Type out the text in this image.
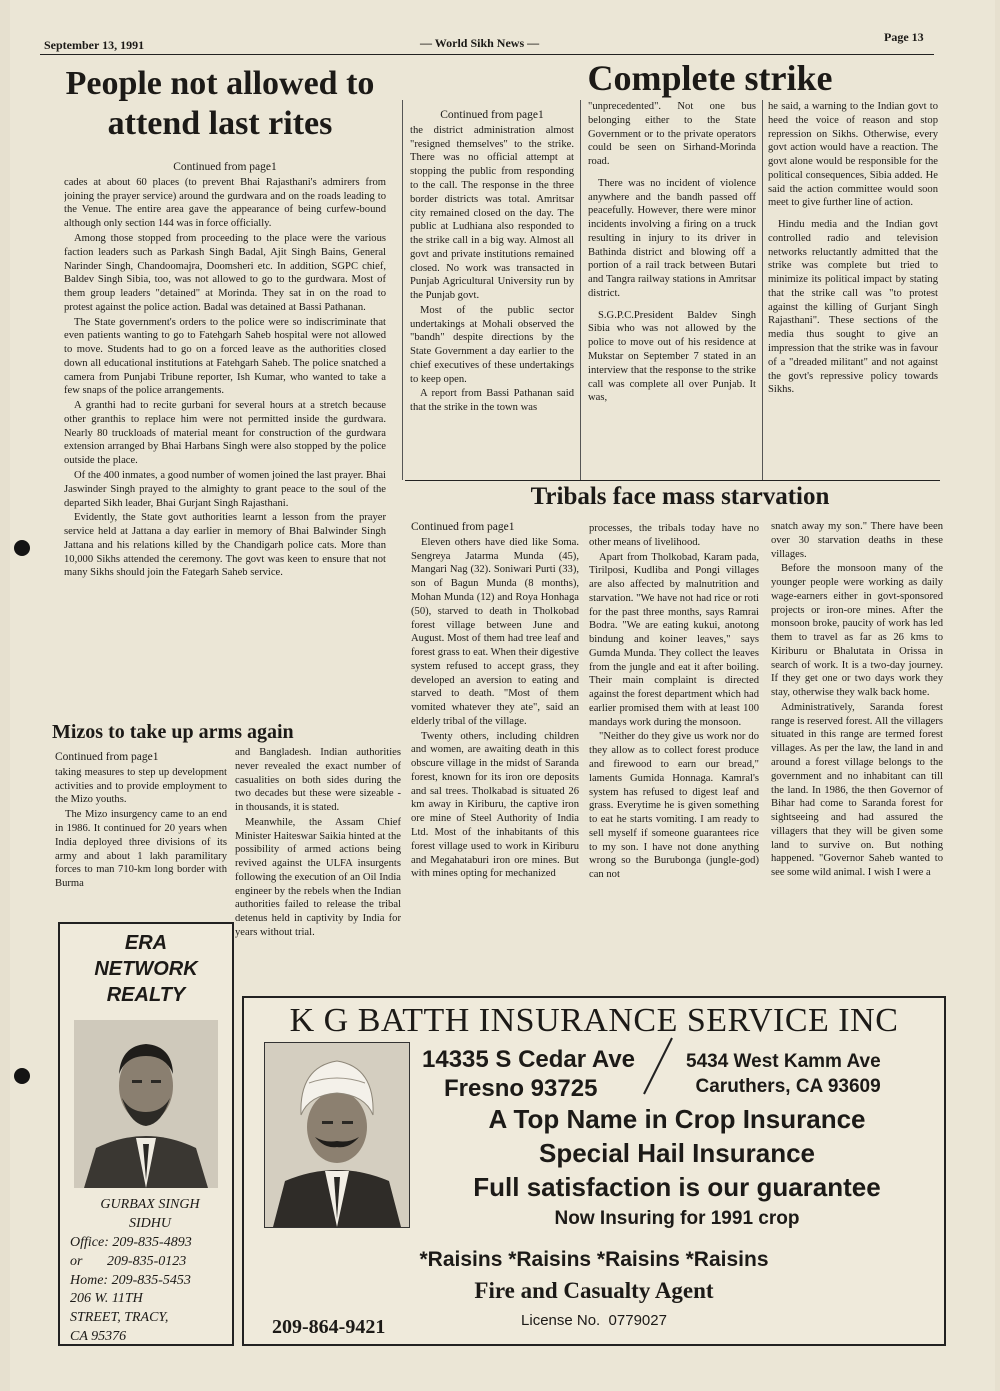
September 13, 1991	— World Sikh News —	Page 13
People not allowed to
attend last rites
Complete strike
Continued from page1

cades at about 60 places (to prevent Bhai Rajasthani's admirers from joining the prayer service) around the gurdwara and on the roads leading to the Venue. The entire area gave the appearance of being curfew-bound although only section 144 was in force officially.

Among those stopped from proceeding to the place were the various faction leaders such as Parkash Singh Badal, Ajit Singh Bains, General Narinder Singh, Chandoomajra, Doomsheri etc. In addition, SGPC chief, Baldev Singh Sibia, too, was not allowed to go to the gurdwara. Most of them group leaders "detained" at Morinda. They sat in on the road to protest against the police action. Badal was detained at Bassi Pathanan.

The State government's orders to the police were so indiscriminate that even patients wanting to go to Fatehgarh Saheb hospital were not allowed to move. Students had to go on a forced leave as the authorities closed down all educational institutions at Fatehgarh Saheb. The police snatched a camera from Punjabi Tribune reporter, Ish Kumar, who wanted to take a few snaps of the police arrangements.

A granthi had to recite gurbani for several hours at a stretch because other granthis to replace him were not permitted inside the gurdwara. Nearly 80 truckloads of material meant for construction of the gurdwara extension arranged by Bhai Harbans Singh were also stopped by the police outside the place.

Of the 400 inmates, a good number of women joined the last prayer. Bhai Jaswinder Singh prayed to the almighty to grant peace to the soul of the departed Sikh leader, Bhai Gurjant Singh Rajasthani.

Evidently, the State govt authorities learnt a lesson from the prayer service held at Jattana a day earlier in memory of Bhai Balwinder Singh Jattana and his relations killed by the Chandigarh police cats. More than 10,000 Sikhs attended the ceremony. The govt was keen to ensure that not many Sikhs should join the Fategarh Saheb service.

Continued from page1

the district administration almost "resigned themselves" to the strike. There was no official attempt at stopping the public from responding to the call. The response in the three border districts was total. Amritsar city remained closed on the day. The public at Ludhiana also responded to the strike call in a big way. Almost all govt and private institutions remained closed. No work was transacted in Punjab Agricultural University run by the Punjab govt.

Most of the public sector undertakings at Mohali observed the "bandh" despite directions by the State Government a day earlier to the chief executives of these undertakings to keep open.

A report from Bassi Pathanan said that the strike in the town was

"unprecedented". Not one bus belonging either to the State Government or to the private operators could be seen on Sirhand-Morinda road.

There was no incident of violence anywhere and the bandh passed off peacefully. However, there were minor incidents involving a firing on a truck resulting in injury to its driver in Bathinda district and blowing off a portion of a rail track between Butari and Tangra railway stations in Amritsar district.

S.G.P.C.President Baldev Singh Sibia who was not allowed by the police to move out of his residence at Mukstar on September 7 stated in an interview that the response to the strike call was complete all over Punjab. It was,

he said, a warning to the Indian govt to heed the voice of reason and stop repression on Sikhs. Otherwise, every govt action would have a reaction. The govt alone would be responsible for the political consequences, Sibia added. He said the action committee would soon meet to give further line of action.

Hindu media and the Indian govt controlled radio and television networks reluctantly admitted that the strike was complete but tried to minimize its political impact by stating that the strike call was "to protest against the killing of Gurjant Singh Rajasthani". These sections of the media thus sought to give an impression that the strike was in favour of a "dreaded militant" and not against the govt's repressive policy towards Sikhs.

Tribals face mass starvation
Continued from page1

Eleven others have died like Soma. Sengreya Jatarma Munda (45), Mangari Nag (32). Soniwari Purti (33), son of Bagun Munda (8 months), Mohan Munda (12) and Roya Honhaga (50), starved to death in Tholkobad forest village between June and August. Most of them had tree leaf and forest grass to eat. When their digestive system refused to accept grass, they developed an aversion to eating and starved to death. "Most of them vomited whatever they ate", said an elderly tribal of the village.

Twenty others, including children and women, are awaiting death in this obscure village in the midst of Saranda forest, known for its iron ore deposits and sal trees. Tholkabad is situated 26 km away in Kiriburu, the captive iron ore mine of Steel Authority of India Ltd. Most of the inhabitants of this forest village used to work in Kiriburu and Megahataburi iron ore mines. But with mines opting for mechanized

processes, the tribals today have no other means of livelihood.

Apart from Tholkobad, Karam pada, Tirilposi, Kudliba and Pongi villages are also affected by malnutrition and starvation. "We have not had rice or roti for the past three months, says Ramrai Bodra. "We are eating kukui, anotong bindung and koiner leaves," says Gumda Munda. They collect the leaves from the jungle and eat it after boiling. Their main complaint is directed against the forest department which had earlier promised them with at least 100 mandays work during the monsoon.

"Neither do they give us work nor do they allow as to collect forest produce and firewood to earn our bread," laments Gumida Honnaga. Kamral's system has refused to digest leaf and grass. Everytime he is given something to eat he starts vomiting. I am ready to sell myself if someone guarantees rice to my son. I have not done anything wrong so the Burubonga (jungle-god) can not

snatch away my son." There have been over 30 starvation deaths in these villages.

Before the monsoon many of the younger people were working as daily wage-earners either in govt-sponsored projects or iron-ore mines. After the monsoon broke, paucity of work has led them to travel as far as 26 kms to Kiriburu or Bhalutata in Orissa in search of work. It is a two-day journey. If they get one or two days work they stay, otherwise they walk back home.

Administratively, Saranda forest range is reserved forest. All the villagers situated in this range are termed forest villages. As per the law, the land in and around a forest village belongs to the government and no inhabitant can till the land. In 1986, the then Governor of Bihar had come to Saranda forest for sightseeing and had assured the villagers that they will be given some land to survive on. But nothing happened. "Governor Saheb wanted to see some wild animal. I wish I were a

Mizos to take up arms again
Continued from page1

taking measures to step up development activities and to provide employment to the Mizo youths.

The Mizo insurgency came to an end in 1986. It continued for 20 years when India deployed three divisions of its army and about 1 lakh paramilitary forces to man 710-km long border with Burma

and Bangladesh. Indian authorities never revealed the exact number of casualities on both sides during the two decades but these were sizeable - in thousands, it is stated.

Meanwhile, the Assam Chief Minister Haiteswar Saikia hinted at the possibility of armed actions being revived against the ULFA insurgents following the execution of an Oil India engineer by the rebels when the Indian authorities failed to release the tribal detenus held in captivity by India for years without trial.

ERA
NETWORK
REALTY
GURBAX SINGH
SIDHU
Office: 209-835-4893
or       209-835-0123
Home: 209-835-5453
206 W. 11TH
STREET, TRACY,
CA 95376
K G BATTH INSURANCE SERVICE INC
14335 S Cedar Ave
Fresno 93725
5434 West Kamm Ave
Caruthers, CA 93609
A Top Name in Crop Insurance
Special Hail Insurance
Full satisfaction is our guarantee
Now Insuring for 1991 crop
*Raisins *Raisins *Raisins *Raisins
Fire and Casualty Agent
License No.  0779027
209-864-9421
